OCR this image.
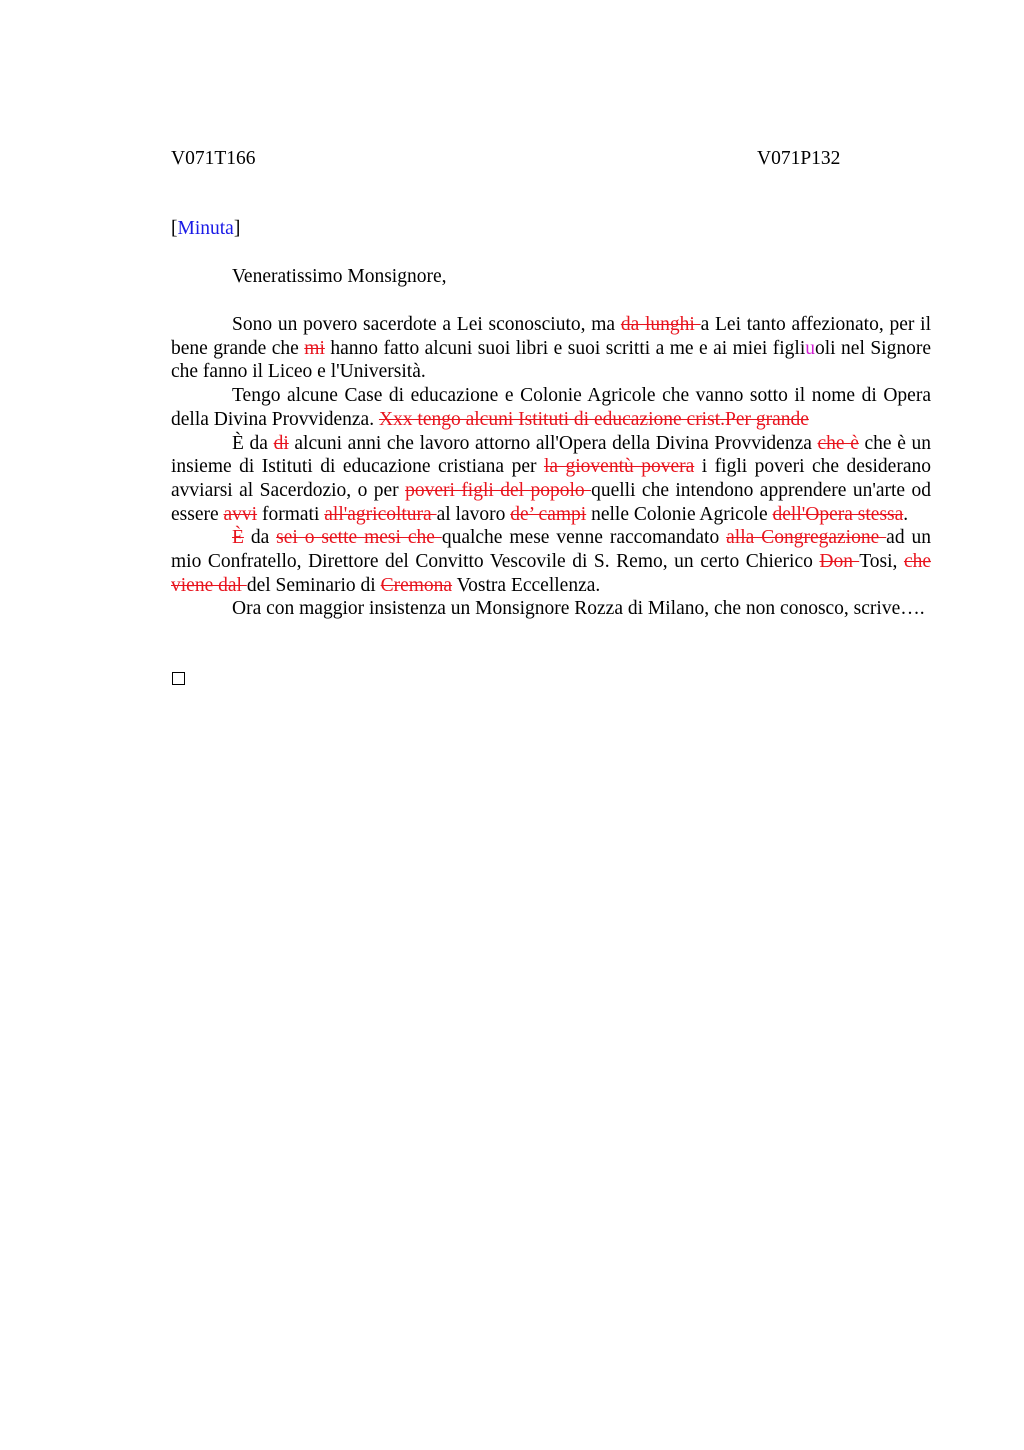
V071T166	V071P132
[Minuta]
Veneratissimo Monsignore,

Sono un povero sacerdote a Lei sconosciuto, ma da lunghi a Lei tanto affezionato, per il bene grande che mi hanno fatto alcuni suoi libri e suoi scritti a me e ai miei figliuoli nel Signore che fanno il Liceo e l'Università.

Tengo alcune Case di educazione e Colonie Agricole che vanno sotto il nome di Opera della Divina Provvidenza. Xxx tengo alcuni Istituti di educazione crist.Per grande

È da di alcuni anni che lavoro attorno all'Opera della Divina Provvidenza che è che è un insieme di Istituti di educazione cristiana per la gioventù povera i figli poveri che desiderano avviarsi al Sacerdozio, o per poveri figli del popolo quelli che intendono apprendere un'arte od essere avvi formati all'agricoltura al lavoro de’ campi nelle Colonie Agricole dell'Opera stessa.

È da sei o sette mesi che qualche mese venne raccomandato alla Congregazione ad un mio Confratello, Direttore del Convitto Vescovile di S. Remo, un certo Chierico Don Tosi, che viene dal del Seminario di Cremona Vostra Eccellenza.

Ora con maggior insistenza un Monsignore Rozza di Milano, che non conosco, scrive….
